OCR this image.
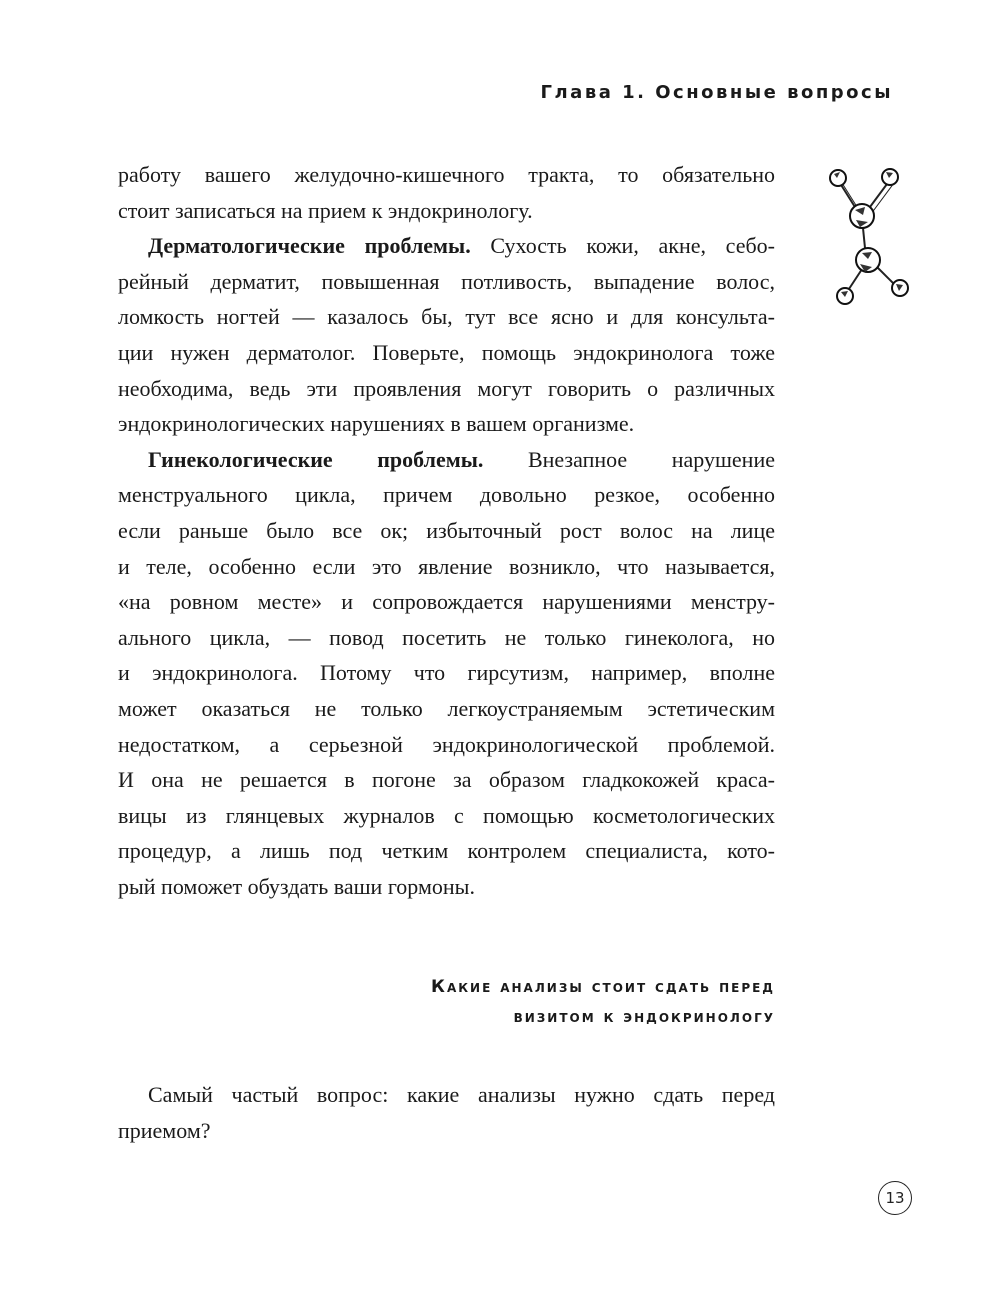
Глава 1. Основные вопросы
работу вашего желудочно-кишечного тракта, то обязательно
стоит записаться на прием к эндокринологу.
Дерматологические проблемы. Сухость кожи, акне, себо-
рейный дерматит, повышенная потливость, выпадение волос,
ломкость ногтей — казалось бы, тут все ясно и для консульта-
ции нужен дерматолог. Поверьте, помощь эндокринолога тоже
необходима, ведь эти проявления могут говорить о различных
эндокринологических нарушениях в вашем организме.
Гинекологические проблемы. Внезапное нарушение
менструального цикла, причем довольно резкое, особенно
если раньше было все ок; избыточный рост волос на лице
и теле, особенно если это явление возникло, что называется,
«на ровном месте» и сопровождается нарушениями менстру-
ального цикла, — повод посетить не только гинеколога, но
и эндокринолога. Потому что гирсутизм, например, вполне
может оказаться не только легкоустраняемым эстетическим
недостатком, а серьезной эндокринологической проблемой.
И она не решается в погоне за образом гладкокожей краса-
вицы из глянцевых журналов с помощью косметологических
процедур, а лишь под четким контролем специалиста, кото-
рый поможет обуздать ваши гормоны.
Какие анализы стоит сдать перед
визитом к эндокринологу
Самый частый вопрос: какие анализы нужно сдать перед
приемом?
13
